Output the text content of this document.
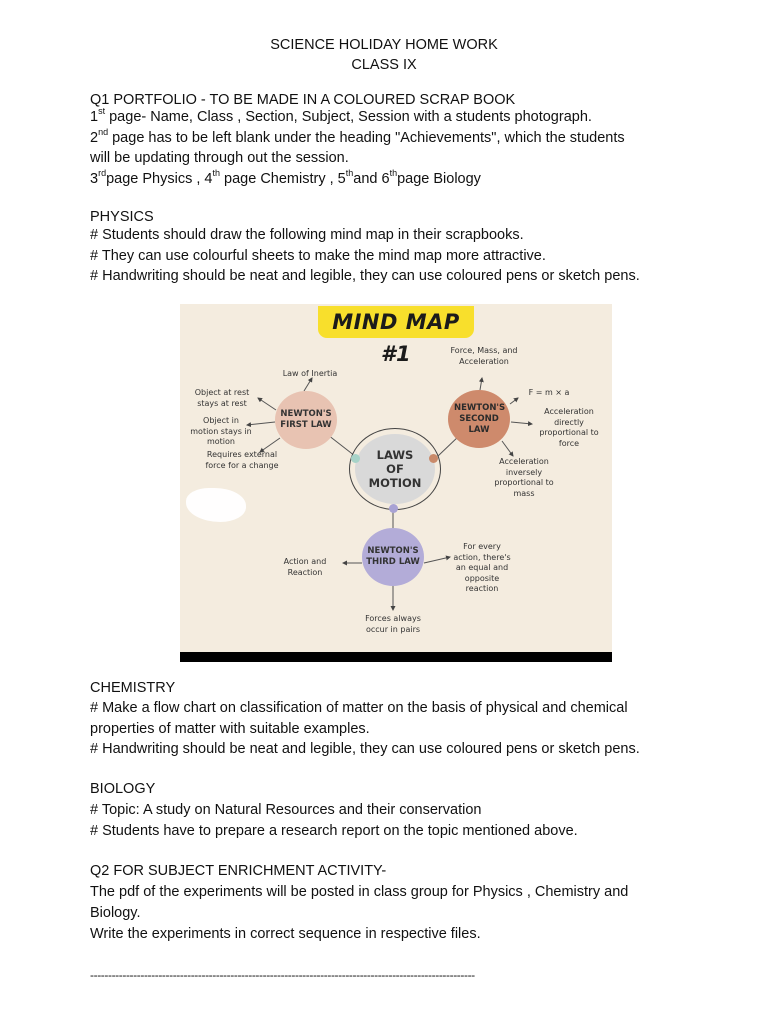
SCIENCE HOLIDAY HOME WORK
CLASS IX
Q1 PORTFOLIO - TO BE MADE IN A COLOURED SCRAP BOOK
1st page- Name, Class , Section, Subject, Session with a students photograph.
2nd page has to be left blank under the heading "Achievements", which the students
will be updating through out the session.
3rdpage Physics , 4th page Chemistry , 5thand 6thpage Biology
PHYSICS
# Students should draw the following mind map in their scrapbooks.
# They can use colourful sheets to make the mind map more attractive.
# Handwriting should be neat and legible, they can use coloured pens or sketch pens.
MIND MAP #1
LAWS OF MOTION
NEWTON'S FIRST LAW
NEWTON'S SECOND LAW
NEWTON'S THIRD LAW
Law of Inertia
Object at rest stays at rest
Object in motion stays in motion
Requires external force for a change
Force, Mass, and Acceleration
F = m × a
Acceleration directly proportional to force
Acceleration inversely proportional to mass
Action and Reaction
For every action, there's an equal and opposite reaction
Forces always occur in pairs
CHEMISTRY
# Make a flow chart on classification of matter on the basis of physical and chemical
properties of matter with suitable examples.
# Handwriting should be neat and legible, they can use coloured pens or sketch pens.
BIOLOGY
# Topic: A study on Natural Resources and their conservation
# Students have to prepare a research report on the topic mentioned above.
Q2 FOR SUBJECT ENRICHMENT ACTIVITY-
The pdf of the experiments will be posted in class group for Physics , Chemistry and
Biology.
Write the experiments in correct sequence in respective files.
-----------------------------------------------------------------------------------------------------------
